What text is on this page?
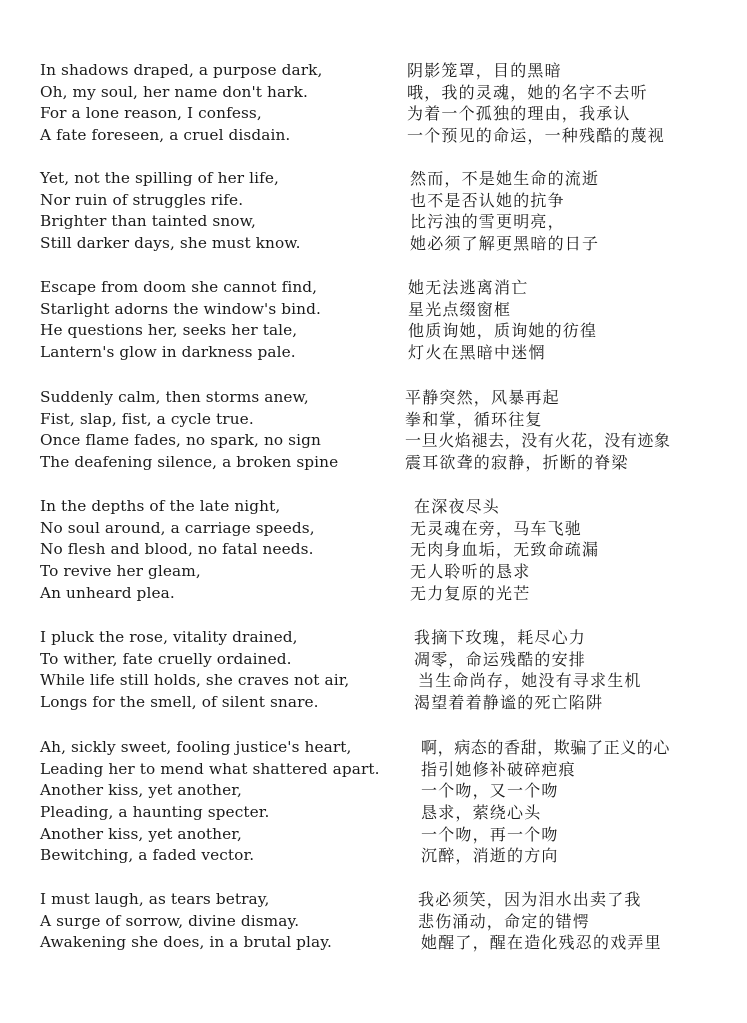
In shadows draped, a purpose dark,	阴影笼罩，目的黑暗
Oh, my soul, her name don't hark.	哦，我的灵魂，她的名字不去听
For a lone reason, I confess,	为着一个孤独的理由，我承认
A fate foreseen, a cruel disdain.	一个预见的命运，一种残酷的蔑视
Yet, not the spilling of her life,	然而，不是她生命的流逝
Nor ruin of struggles rife.	也不是否认她的抗争
Brighter than tainted snow,	比污浊的雪更明亮，
Still darker days, she must know.	她必须了解更黑暗的日子
Escape from doom she cannot find,	她无法逃离消亡
Starlight adorns the window's bind.	星光点缀窗框
He questions her, seeks her tale,	他质询她，质询她的彷徨
Lantern's glow in darkness pale.	灯火在黑暗中迷惘
Suddenly calm, then storms anew,	平静突然，风暴再起
Fist, slap, fist, a cycle true.	拳和掌，循环往复
Once flame fades, no spark, no sign	一旦火焰褪去，没有火花，没有迹象
The deafening silence, a broken spine	震耳欲聋的寂静，折断的脊梁
In the depths of the late night,	在深夜尽头
No soul around, a carriage speeds,	无灵魂在旁，马车飞驰
No flesh and blood, no fatal needs.	无肉身血垢，无致命疏漏
To revive her gleam,	无人聆听的恳求
An unheard plea.	无力复原的光芒
I pluck the rose, vitality drained,	我摘下玫瑰，耗尽心力
To wither, fate cruelly ordained.	凋零，命运残酷的安排
While life still holds, she craves not air,	当生命尚存，她没有寻求生机
Longs for the smell, of silent snare.	渴望着着静谧的死亡陷阱
Ah, sickly sweet, fooling justice's heart,	啊，病态的香甜，欺骗了正义的心
Leading her to mend what shattered apart.	指引她修补破碎疤痕
Another kiss, yet another,	一个吻，又一个吻
Pleading, a haunting specter.	恳求，萦绕心头
Another kiss, yet another,	一个吻，再一个吻
Bewitching, a faded vector.	沉醉，消逝的方向
I must laugh, as tears betray,	我必须笑，因为泪水出卖了我
A surge of sorrow, divine dismay.	悲伤涌动，命定的错愕
Awakening she does, in a brutal play.	她醒了，醒在造化残忍的戏弄里
